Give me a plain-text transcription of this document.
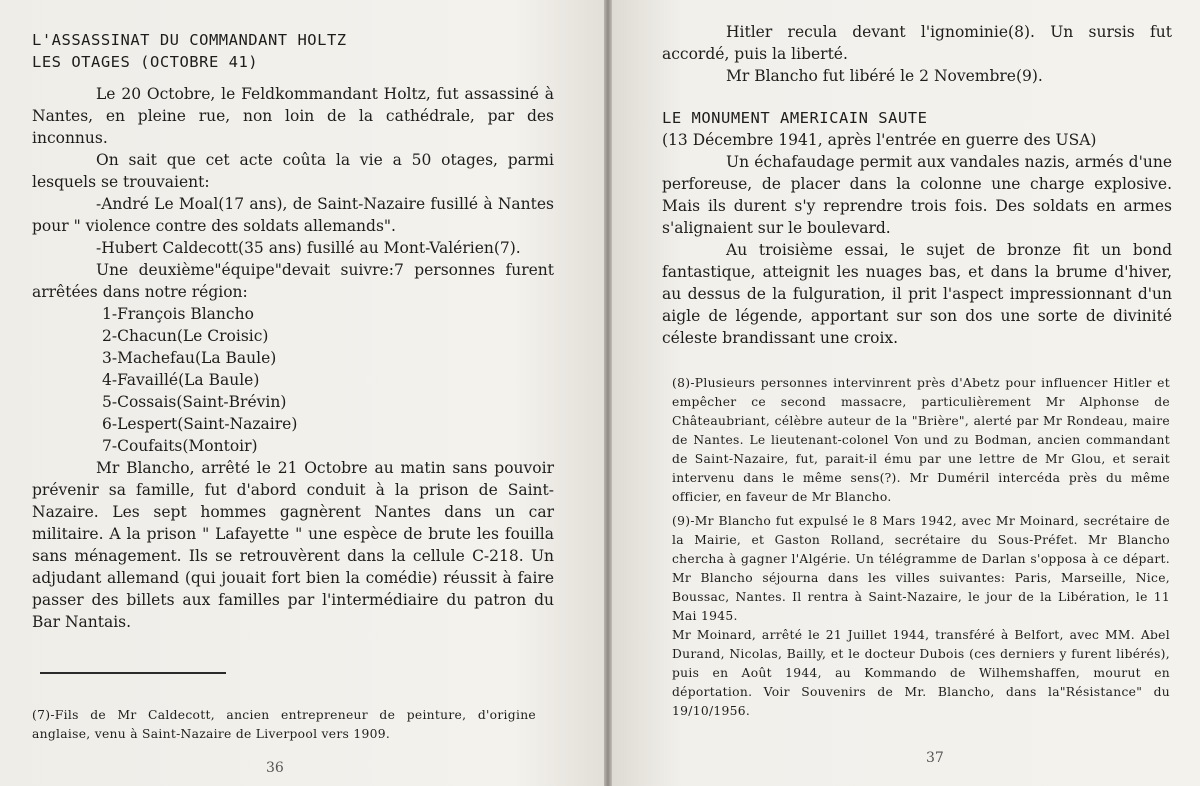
L'ASSASSINAT DU COMMANDANT HOLTZ
LES OTAGES (OCTOBRE 41)

Le 20 Octobre, le Feldkommandant Holtz, fut assassiné à Nantes, en pleine rue, non loin de la cathédrale, par des inconnus.

On sait que cet acte coûta la vie a 50 otages, parmi lesquels se trouvaient:

-André Le Moal(17 ans), de Saint-Nazaire fusillé à Nantes pour " violence contre des soldats allemands".

-Hubert Caldecott(35 ans) fusillé au Mont-Valérien(7).

Une deuxième"équipe"devait suivre:7 personnes furent arrêtées dans notre région:

1-François Blancho
2-Chacun(Le Croisic)
3-Machefau(La Baule)
4-Favaillé(La Baule)
5-Cossais(Saint-Brévin)
6-Lespert(Saint-Nazaire)
7-Coufaits(Montoir)

Mr Blancho, arrêté le 21 Octobre au matin sans pouvoir prévenir sa famille, fut d'abord conduit à la prison de Saint-Nazaire. Les sept hommes gagnèrent Nantes dans un car militaire. A la prison " Lafayette " une espèce de brute les fouilla sans ménagement. Ils se retrouvèrent dans la cellule C-218. Un adjudant allemand (qui jouait fort bien la comédie) réussit à faire passer des billets aux familles par l'intermédiaire du patron du Bar Nantais.

(7)-Fils de Mr Caldecott, ancien entrepreneur de peinture, d'origine anglaise, venu à Saint-Nazaire de Liverpool vers 1909.
36

Hitler recula devant l'ignominie(8). Un sursis fut accordé, puis la liberté.

Mr Blancho fut libéré le 2 Novembre(9).

LE MONUMENT AMERICAIN SAUTE

(13 Décembre 1941, après l'entrée en guerre des USA)

Un échafaudage permit aux vandales nazis, armés d'une perforeuse, de placer dans la colonne une charge explosive. Mais ils durent s'y reprendre trois fois. Des soldats en armes s'alignaient sur le boulevard.

Au troisième essai, le sujet de bronze fit un bond fantastique, atteignit les nuages bas, et dans la brume d'hiver, au dessus de la fulguration, il prit l'aspect impressionnant d'un aigle de légende, apportant sur son dos une sorte de divinité céleste brandissant une croix.

(8)-Plusieurs personnes intervinrent près d'Abetz pour influencer Hitler et empêcher ce second massacre, particulièrement Mr Alphonse de Châteaubriant, célèbre auteur de la "Brière", alerté par Mr Rondeau, maire de Nantes. Le lieutenant-colonel Von und zu Bodman, ancien commandant de Saint-Nazaire, fut, parait-il ému par une lettre de Mr Glou, et serait intervenu dans le même sens(?). Mr Duméril intercéda près du même officier, en faveur de Mr Blancho.

(9)-Mr Blancho fut expulsé le 8 Mars 1942, avec Mr Moinard, secrétaire de la Mairie, et Gaston Rolland, secrétaire du Sous-Préfet. Mr Blancho chercha à gagner l'Algérie. Un télégramme de Darlan s'opposa à ce départ. Mr Blancho séjourna dans les villes suivantes: Paris, Marseille, Nice, Boussac, Nantes. Il rentra à Saint-Nazaire, le jour de la Libération, le 11 Mai 1945.

Mr Moinard, arrêté le 21 Juillet 1944, transféré à Belfort, avec MM. Abel Durand, Nicolas, Bailly, et le docteur Dubois (ces derniers y furent libérés), puis en Août 1944, au Kommando de Wilhemshaffen, mourut en déportation. Voir Souvenirs de Mr. Blancho, dans la"Résistance" du 19/10/1956.

37
